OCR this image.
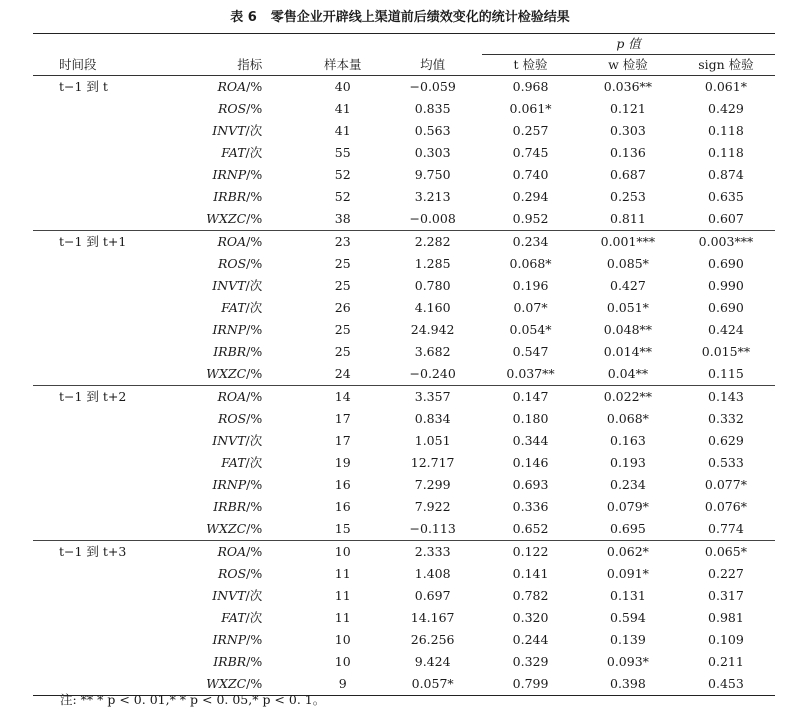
表 6 零售企业开辟线上渠道前后绩效变化的统计检验结果
				p 值		
时间段	指标	样本量	均值	t 检验	w 检验	sign 检验
t−1 到 t	ROA/%	40	−0.059	0.968	0.036**	0.061*
	ROS/%	41	0.835	0.061*	0.121	0.429
	INVT/次	41	0.563	0.257	0.303	0.118
	FAT/次	55	0.303	0.745	0.136	0.118
	IRNP/%	52	9.750	0.740	0.687	0.874
	IRBR/%	52	3.213	0.294	0.253	0.635
	WXZC/%	38	−0.008	0.952	0.811	0.607
t−1 到 t+1	ROA/%	23	2.282	0.234	0.001***	0.003***
	ROS/%	25	1.285	0.068*	0.085*	0.690
	INVT/次	25	0.780	0.196	0.427	0.990
	FAT/次	26	4.160	0.07*	0.051*	0.690
	IRNP/%	25	24.942	0.054*	0.048**	0.424
	IRBR/%	25	3.682	0.547	0.014**	0.015**
	WXZC/%	24	−0.240	0.037**	0.04**	0.115
t−1 到 t+2	ROA/%	14	3.357	0.147	0.022**	0.143
	ROS/%	17	0.834	0.180	0.068*	0.332
	INVT/次	17	1.051	0.344	0.163	0.629
	FAT/次	19	12.717	0.146	0.193	0.533
	IRNP/%	16	7.299	0.693	0.234	0.077*
	IRBR/%	16	7.922	0.336	0.079*	0.076*
	WXZC/%	15	−0.113	0.652	0.695	0.774
t−1 到 t+3	ROA/%	10	2.333	0.122	0.062*	0.065*
	ROS/%	11	1.408	0.141	0.091*	0.227
	INVT/次	11	0.697	0.782	0.131	0.317
	FAT/次	11	14.167	0.320	0.594	0.981
	IRNP/%	10	26.256	0.244	0.139	0.109
	IRBR/%	10	9.424	0.329	0.093*	0.211
	WXZC/%	9	0.057*	0.799	0.398	0.453
注: ** * p < 0. 01,* * p < 0. 05,* p < 0. 1。
